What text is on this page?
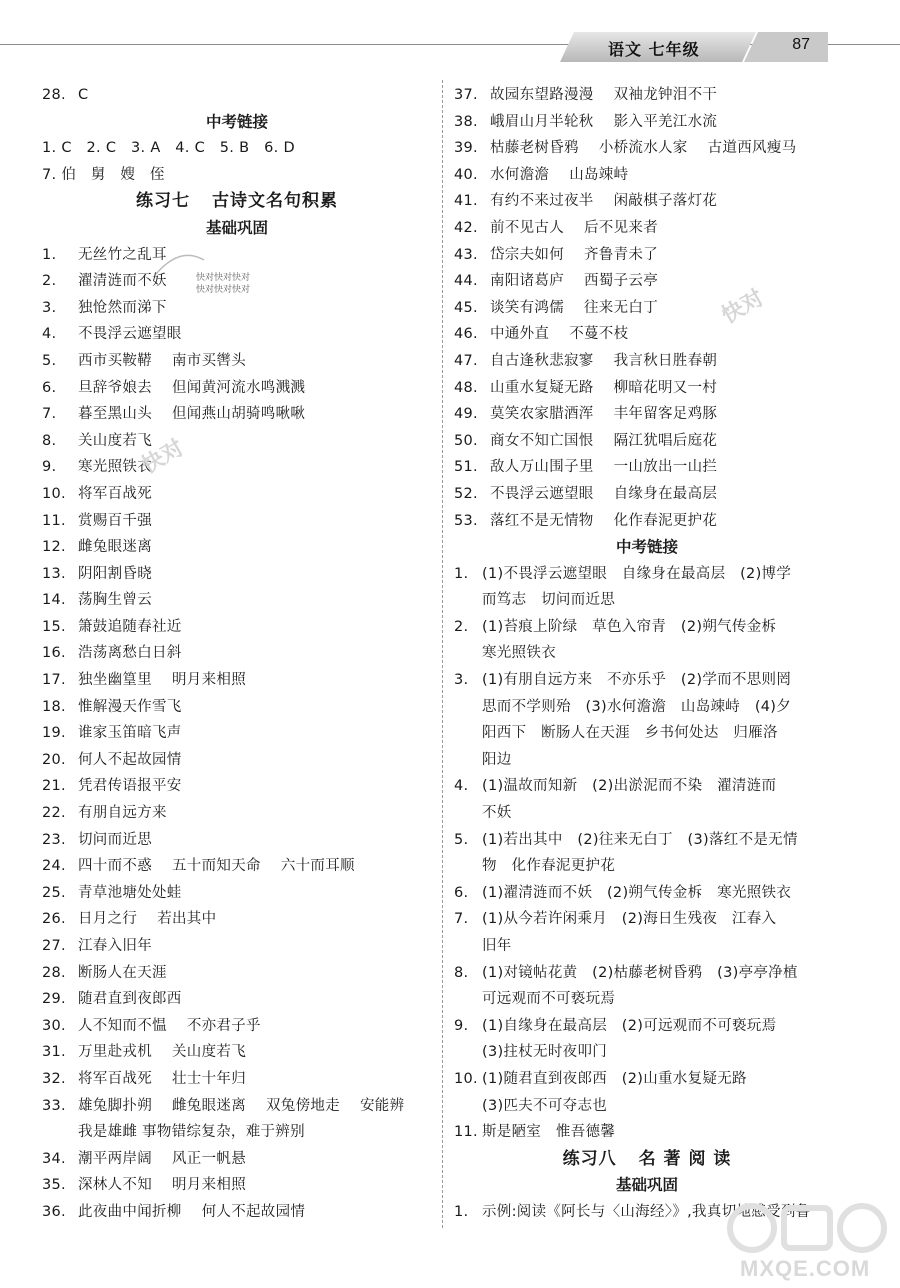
语文 七年级	87
28. C
中考链接
1. C   2. C   3. A   4. C   5. B   6. D
7. 伯   舅   嫂   侄
练习七 古诗文名句积累
基础巩固
1. 无丝竹之乱耳
2. 濯清涟而不妖
3. 独怆然而涕下
4. 不畏浮云遮望眼
5. 西市买鞍鞯 南市买辔头
6. 旦辞爷娘去 但闻黄河流水鸣溅溅
7. 暮至黑山头 但闻燕山胡骑鸣啾啾
8. 关山度若飞
9. 寒光照铁衣
10. 将军百战死
11. 赏赐百千强
12. 雌兔眼迷离
13. 阴阳割昏晓
14. 荡胸生曾云
15. 箫鼓追随春社近
16. 浩荡离愁白日斜
17. 独坐幽篁里 明月来相照
18. 惟解漫天作雪飞
19. 谁家玉笛暗飞声
20. 何人不起故园情
21. 凭君传语报平安
22. 有朋自远方来
23. 切问而近思
24. 四十而不惑 五十而知天命 六十而耳顺
25. 青草池塘处处蛙
26. 日月之行 若出其中
27. 江春入旧年
28. 断肠人在天涯
29. 随君直到夜郎西
30. 人不知而不愠 不亦君子乎
31. 万里赴戎机 关山度若飞
32. 将军百战死 壮士十年归
33. 雄兔脚扑朔 雌兔眼迷离 双兔傍地走 安能辨
我是雄雌 事物错综复杂，难于辨别
34. 潮平两岸阔 风正一帆悬
35. 深林人不知 明月来相照
36. 此夜曲中闻折柳 何人不起故园情
37. 故园东望路漫漫 双袖龙钟泪不干
38. 峨眉山月半轮秋 影入平羌江水流
39. 枯藤老树昏鸦 小桥流水人家 古道西风瘦马
40. 水何澹澹 山岛竦峙
41. 有约不来过夜半 闲敲棋子落灯花
42. 前不见古人 后不见来者
43. 岱宗夫如何 齐鲁青未了
44. 南阳诸葛庐 西蜀子云亭
45. 谈笑有鸿儒 往来无白丁
46. 中通外直 不蔓不枝
47. 自古逢秋悲寂寥 我言秋日胜春朝
48. 山重水复疑无路 柳暗花明又一村
49. 莫笑农家腊酒浑 丰年留客足鸡豚
50. 商女不知亡国恨 隔江犹唱后庭花
51. 敌人万山围子里 一山放出一山拦
52. 不畏浮云遮望眼 自缘身在最高层
53. 落红不是无情物 化作春泥更护花
中考链接
1. (1)不畏浮云遮望眼   自缘身在最高层   (2)博学
而笃志   切问而近思
2. (1)苔痕上阶绿   草色入帘青   (2)朔气传金柝
寒光照铁衣
3. (1)有朋自远方来   不亦乐乎   (2)学而不思则罔
思而不学则殆   (3)水何澹澹   山岛竦峙   (4)夕
阳西下   断肠人在天涯   乡书何处达   归雁洛
阳边
4. (1)温故而知新   (2)出淤泥而不染   濯清涟而
不妖
5. (1)若出其中   (2)往来无白丁   (3)落红不是无情
物   化作春泥更护花
6. (1)濯清涟而不妖   (2)朔气传金柝   寒光照铁衣
7. (1)从今若许闲乘月   (2)海日生残夜   江春入
旧年
8. (1)对镜帖花黄   (2)枯藤老树昏鸦   (3)亭亭净植
可远观而不可亵玩焉
9. (1)自缘身在最高层   (2)可远观而不可亵玩焉
(3)拄杖无时夜叩门
10. (1)随君直到夜郎西   (2)山重水复疑无路
(3)匹夫不可夺志也
11. 斯是陋室   惟吾德馨
练习八 名 著 阅 读
基础巩固
1. 示例:阅读《阿长与〈山海经〉》,我真切地感受到鲁
快对快对快对
快对快对快对	快对
快对
MXQE.COM
